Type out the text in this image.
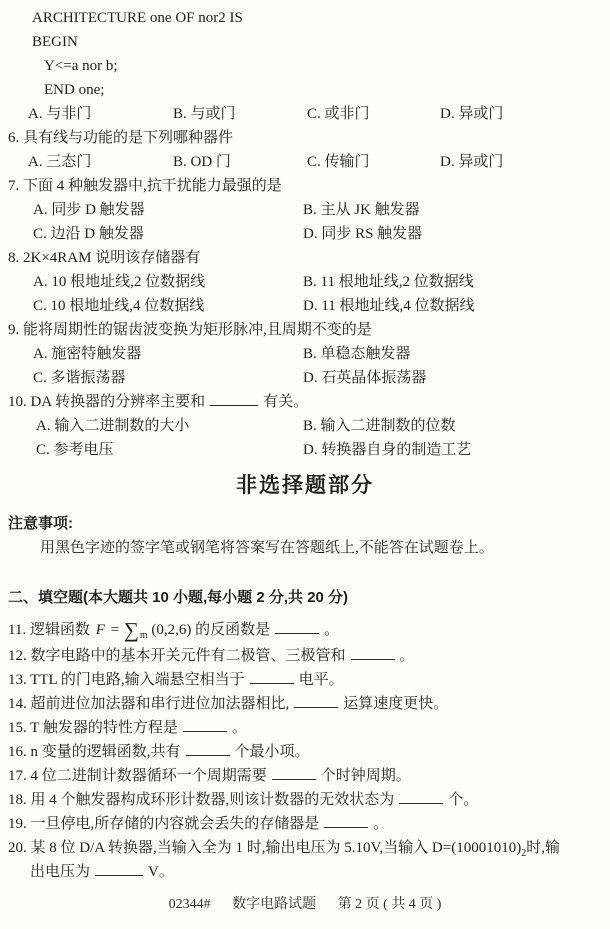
ARCHITECTURE one OF nor2 IS
BEGIN
Y<=a nor b;
END one;
A. 与非门	B. 与或门	C. 或非门	D. 异或门
6. 具有线与功能的是下列哪种器件
A. 三态门	B. OD 门	C. 传输门	D. 异或门
7. 下面 4 种触发器中,抗干扰能力最强的是
A. 同步 D 触发器	B. 主从 JK 触发器
C. 边沿 D 触发器	D. 同步 RS 触发器
8. 2K×4RAM 说明该存储器有
A. 10 根地址线,2 位数据线	B. 11 根地址线,2 位数据线
C. 10 根地址线,4 位数据线	D. 11 根地址线,4 位数据线
9. 能将周期性的锯齿波变换为矩形脉冲,且周期不变的是
A. 施密特触发器	B. 单稳态触发器
C. 多谐振荡器	D. 石英晶体振荡器
10. DA 转换器的分辨率主要和	有关。
A. 输入二进制数的大小	B. 输入二进制数的位数
C. 参考电压	D. 转换器自身的制造工艺
非选择题部分
注意事项:
用黑色字迹的签字笔或钢笔将答案写在答题纸上,不能答在试题卷上。
二、填空题(本大题共 10 小题,每小题 2 分,共 20 分)
11. 逻辑函数 $F = \sum_m$ (0,2,6) 的反函数是	。
12. 数字电路中的基本开关元件有二极管、三极管和	。
13. TTL 的门电路,输入端悬空相当于	电平。
14. 超前进位加法器和串行进位加法器相比,	运算速度更快。
15. T 触发器的特性方程是	。
16. n 变量的逻辑函数,共有	个最小项。
17. 4 位二进制计数器循环一个周期需要	个时钟周期。
18. 用 4 个触发器构成环形计数器,则该计数器的无效状态为	个。
19. 一旦停电,所存储的内容就会丢失的存储器是	。
20. 某 8 位 D/A 转换器,当输入全为 1 时,输出电压为 5.10V,当输入 $D=(10001010)_2$时,输
出电压为	V。
02344# 数字电路试题 第 2 页 ( 共 4 页 )
